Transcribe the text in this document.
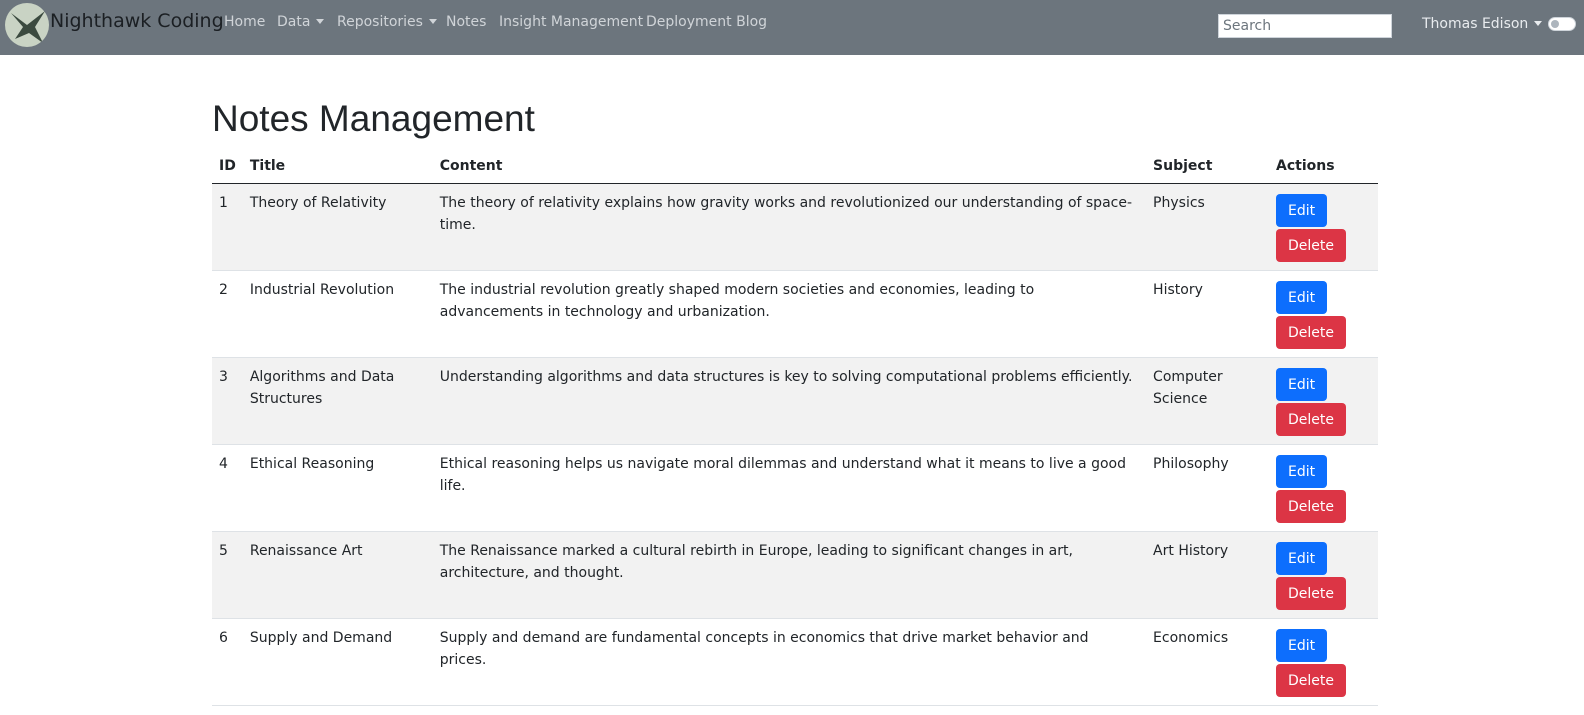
Nighthawk Coding Home Data	Repositories	Notes Insight Management Deployment Blog
Search	Thomas Edison
Notes Management
ID	Title	Content	Subject	Actions
1	Theory of Relativity	The theory of relativity explains how gravity works and revolutionized our understanding of space-time.	Physics	Edit
Delete

2	Industrial Revolution	The industrial revolution greatly shaped modern societies and economies, leading to advancements in technology and urbanization.	History	Edit
Delete

3	Algorithms and Data Structures	Understanding algorithms and data structures is key to solving computational problems efficiently.	Computer Science	Edit
Delete

4	Ethical Reasoning	Ethical reasoning helps us navigate moral dilemmas and understand what it means to live a good life.	Philosophy	Edit
Delete

5	Renaissance Art	The Renaissance marked a cultural rebirth in Europe, leading to significant changes in art, architecture, and thought.	Art History	Edit
Delete

6	Supply and Demand	Supply and demand are fundamental concepts in economics that drive market behavior and prices.	Economics	Edit
Delete
